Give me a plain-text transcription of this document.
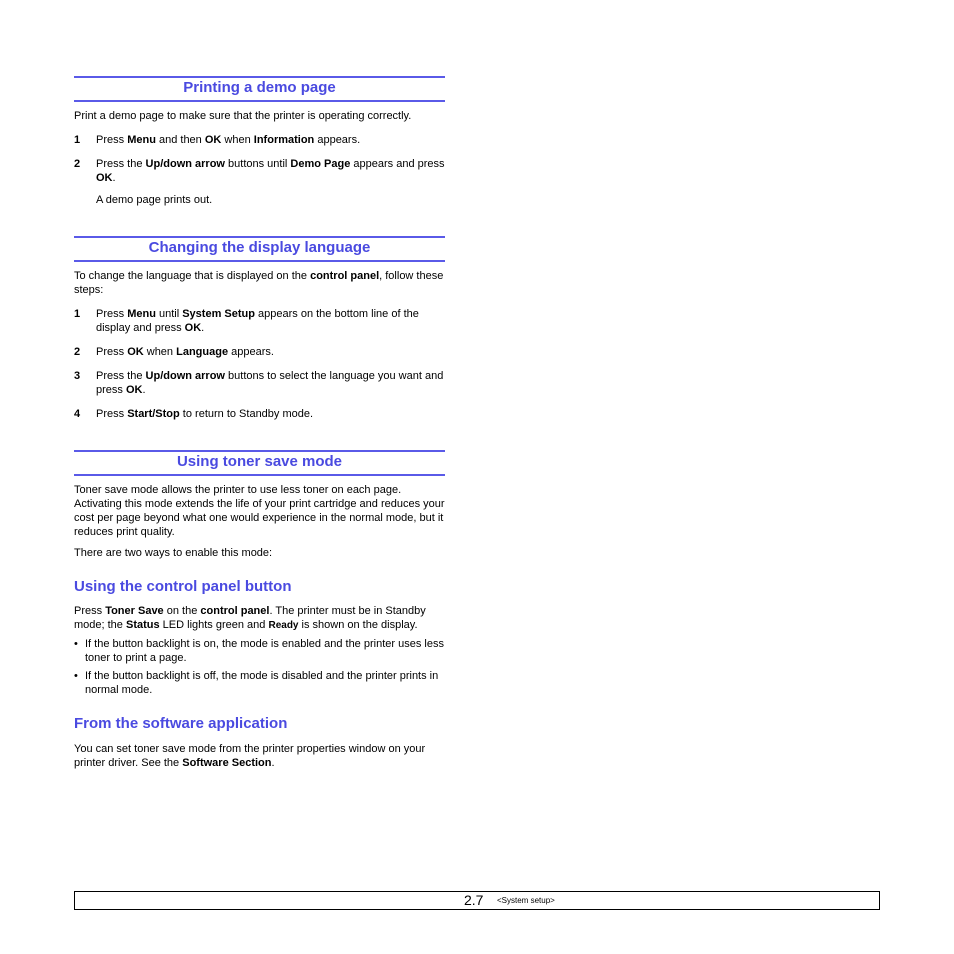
Printing a demo page
Print a demo page to make sure that the printer is operating correctly.
1 Press Menu and then OK when Information appears.
2 Press the Up/down arrow buttons until Demo Page appears and press OK.
A demo page prints out.
Changing the display language
To change the language that is displayed on the control panel, follow these steps:
1 Press Menu until System Setup appears on the bottom line of the display and press OK.
2 Press OK when Language appears.
3 Press the Up/down arrow buttons to select the language you want and press OK.
4 Press Start/Stop to return to Standby mode.
Using toner save mode
Toner save mode allows the printer to use less toner on each page. Activating this mode extends the life of your print cartridge and reduces your cost per page beyond what one would experience in the normal mode, but it reduces print quality.
There are two ways to enable this mode:
Using the control panel button
Press Toner Save on the control panel. The printer must be in Standby mode; the Status LED lights green and Ready is shown on the display.
• If the button backlight is on, the mode is enabled and the printer uses less toner to print a page.
• If the button backlight is off, the mode is disabled and the printer prints in normal mode.
From the software application
You can set toner save mode from the printer properties window on your printer driver. See the Software Section.
2.7 <System setup>
